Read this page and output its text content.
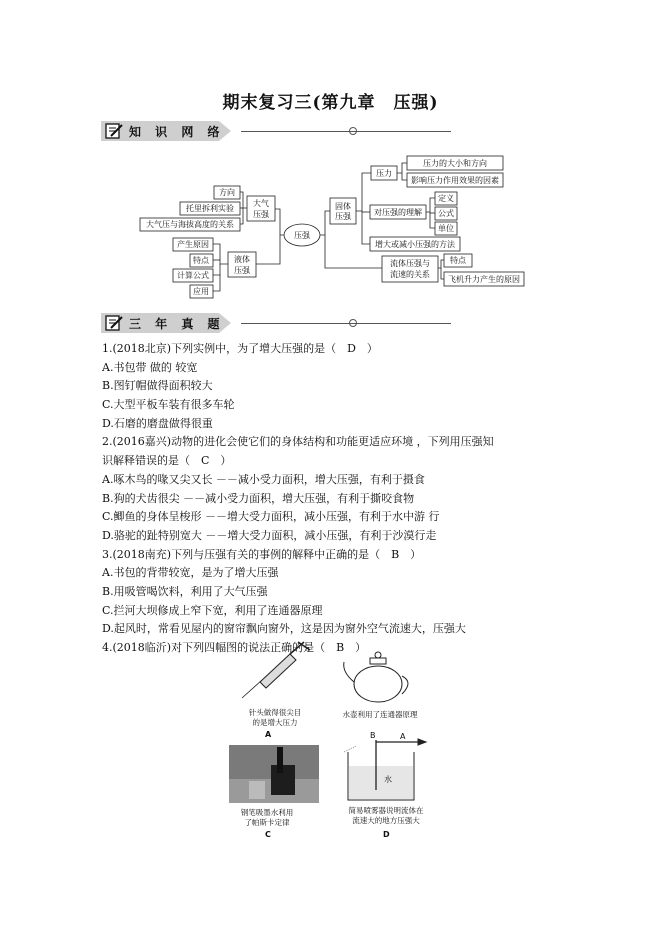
期末复习三(第九章　压强)
知 识 网 络
压强
固体
压强
液体
压强
大气
压强
流体压强与
流速的关系
压力
压力的大小和方向
影响压力作用效果的因素
对压强的理解
定义
公式
单位
增大或减小压强的方法
特点
飞机升力产生的原因
方向
托里拆利实验
大气压与海拔高度的关系
产生原因
特点
计算公式
应用
三 年 真 题
1.(2018北京)下列实例中，为了增大压强的是（　D　）
A.书包带 做的 较宽
B.图钉帽做得面积较大
C.大型平板车装有很多车轮
D.石磨的磨盘做得很重
2.(2016嘉兴)动物的进化会使它们的身体结构和功能更适应环境 ，下列用压强知
识解释错误的是（　C　）
A.啄木鸟的喙又尖又长 －－减小受力面积，增大压强，有利于摄食
B.狗的犬齿很尖 －－减小受力面积，增大压强，有利于撕咬食物
C.鲫鱼的身体呈梭形 －－增大受力面积，减小压强，有利于水中游 行
D.骆驼的趾特别宽大 －－增大受力面积，减小压强，有利于沙漠行走
3.(2018南充)下列与压强有关的事例的解释中正确的是（　B　）
A.书包的背带较宽，是为了增大压强
B.用吸管喝饮料，利用了大气压强
C.拦河大坝修成上窄下宽，利用了连通器原理
D.起风时，常看见屋内的窗帘飘向窗外，这是因为窗外空气流速大，压强大
4.(2018临沂)对下列四幅图的说法正确的是（　B　）
针头做得很尖目
的是增大压力
A
水壶利用了连通器原理
钢笔吸墨水利用
了帕斯卡定律
C
B	A
水
简易喷雾器说明流体在
流速大的地方压强大
D
